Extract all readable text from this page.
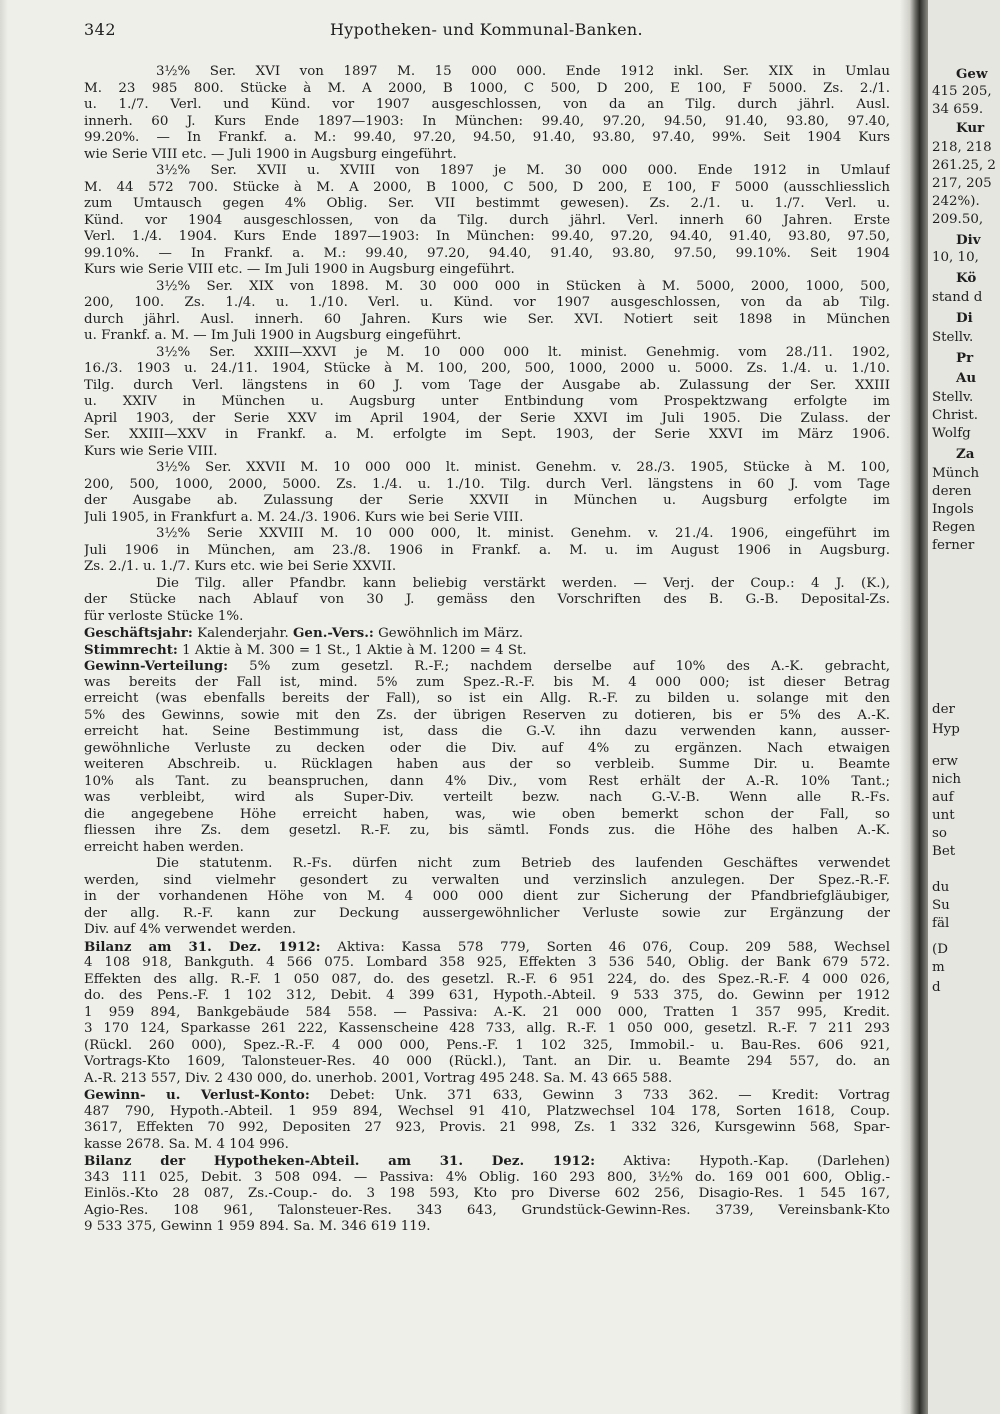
342	Hypotheken- und Kommunal-Banken.
3½% Ser. XVI von 1897 M. 15 000 000. Ende 1912 inkl. Ser. XIX in Umlau
M. 23 985 800. Stücke à M. A 2000, B 1000, C 500, D 200, E 100, F 5000. Zs. 2./1.
u. 1./7. Verl. und Künd. vor 1907 ausgeschlossen, von da an Tilg. durch jährl. Ausl.
innerh. 60 J. Kurs Ende 1897—1903: In München: 99.40, 97.20, 94.50, 91.40, 93.80, 97.40,
99.20%. — In Frankf. a. M.: 99.40, 97.20, 94.50, 91.40, 93.80, 97.40, 99%. Seit 1904 Kurs
wie Serie VIII etc. — Juli 1900 in Augsburg eingeführt.
3½% Ser. XVII u. XVIII von 1897 je M. 30 000 000. Ende 1912 in Umlauf
M. 44 572 700. Stücke à M. A 2000, B 1000, C 500, D 200, E 100, F 5000 (ausschliesslich
zum Umtausch gegen 4% Oblig. Ser. VII bestimmt gewesen). Zs. 2./1. u. 1./7. Verl. u.
Künd. vor 1904 ausgeschlossen, von da Tilg. durch jährl. Verl. innerh 60 Jahren. Erste
Verl. 1./4. 1904. Kurs Ende 1897—1903: In München: 99.40, 97.20, 94.40, 91.40, 93.80, 97.50,
99.10%. — In Frankf. a. M.: 99.40, 97.20, 94.40, 91.40, 93.80, 97.50, 99.10%. Seit 1904
Kurs wie Serie VIII etc. — Im Juli 1900 in Augsburg eingeführt.
3½% Ser. XIX von 1898. M. 30 000 000 in Stücken à M. 5000, 2000, 1000, 500,
200, 100. Zs. 1./4. u. 1./10. Verl. u. Künd. vor 1907 ausgeschlossen, von da ab Tilg.
durch jährl. Ausl. innerh. 60 Jahren. Kurs wie Ser. XVI. Notiert seit 1898 in München
u. Frankf. a. M. — Im Juli 1900 in Augsburg eingeführt.
3½% Ser. XXIII—XXVI je M. 10 000 000 lt. minist. Genehmig. vom 28./11. 1902,
16./3. 1903 u. 24./11. 1904, Stücke à M. 100, 200, 500, 1000, 2000 u. 5000. Zs. 1./4. u. 1./10.
Tilg. durch Verl. längstens in 60 J. vom Tage der Ausgabe ab. Zulassung der Ser. XXIII
u. XXIV in München u. Augsburg unter Entbindung vom Prospektzwang erfolgte im
April 1903, der Serie XXV im April 1904, der Serie XXVI im Juli 1905. Die Zulass. der
Ser. XXIII—XXV in Frankf. a. M. erfolgte im Sept. 1903, der Serie XXVI im März 1906.
Kurs wie Serie VIII.
3½% Ser. XXVII M. 10 000 000 lt. minist. Genehm. v. 28./3. 1905, Stücke à M. 100,
200, 500, 1000, 2000, 5000. Zs. 1./4. u. 1./10. Tilg. durch Verl. längstens in 60 J. vom Tage
der Ausgabe ab. Zulassung der Serie XXVII in München u. Augsburg erfolgte im
Juli 1905, in Frankfurt a. M. 24./3. 1906. Kurs wie bei Serie VIII.
3½% Serie XXVIII M. 10 000 000, lt. minist. Genehm. v. 21./4. 1906, eingeführt im
Juli 1906 in München, am 23./8. 1906 in Frankf. a. M. u. im August 1906 in Augsburg.
Zs. 2./1. u. 1./7. Kurs etc. wie bei Serie XXVII.
Die Tilg. aller Pfandbr. kann beliebig verstärkt werden. — Verj. der Coup.: 4 J. (K.),
der Stücke nach Ablauf von 30 J. gemäss den Vorschriften des B. G.-B. Deposital-Zs.
für verloste Stücke 1%.
Geschäftsjahr: Kalenderjahr. Gen.-Vers.: Gewöhnlich im März.
Stimmrecht: 1 Aktie à M. 300 = 1 St., 1 Aktie à M. 1200 = 4 St.
Gewinn-Verteilung: 5% zum gesetzl. R.-F.; nachdem derselbe auf 10% des A.-K. gebracht,
was bereits der Fall ist, mind. 5% zum Spez.-R.-F. bis M. 4 000 000; ist dieser Betrag
erreicht (was ebenfalls bereits der Fall), so ist ein Allg. R.-F. zu bilden u. solange mit den
5% des Gewinns, sowie mit den Zs. der übrigen Reserven zu dotieren, bis er 5% des A.-K.
erreicht hat. Seine Bestimmung ist, dass die G.-V. ihn dazu verwenden kann, ausser-
gewöhnliche Verluste zu decken oder die Div. auf 4% zu ergänzen. Nach etwaigen
weiteren Abschreib. u. Rücklagen haben aus der so verbleib. Summe Dir. u. Beamte
10% als Tant. zu beanspruchen, dann 4% Div., vom Rest erhält der A.-R. 10% Tant.;
was verbleibt, wird als Super-Div. verteilt bezw. nach G.-V.-B. Wenn alle R.-Fs.
die angegebene Höhe erreicht haben, was, wie oben bemerkt schon der Fall, so
fliessen ihre Zs. dem gesetzl. R.-F. zu, bis sämtl. Fonds zus. die Höhe des halben A.-K.
erreicht haben werden.
Die statutenm. R.-Fs. dürfen nicht zum Betrieb des laufenden Geschäftes verwendet
werden, sind vielmehr gesondert zu verwalten und verzinslich anzulegen. Der Spez.-R.-F.
in der vorhandenen Höhe von M. 4 000 000 dient zur Sicherung der Pfandbriefgläubiger,
der allg. R.-F. kann zur Deckung aussergewöhnlicher Verluste sowie zur Ergänzung der
Div. auf 4% verwendet werden.
Bilanz am 31. Dez. 1912: Aktiva: Kassa 578 779, Sorten 46 076, Coup. 209 588, Wechsel
4 108 918, Bankguth. 4 566 075. Lombard 358 925, Effekten 3 536 540, Oblig. der Bank 679 572.
Effekten des allg. R.-F. 1 050 087, do. des gesetzl. R.-F. 6 951 224, do. des Spez.-R.-F. 4 000 026,
do. des Pens.-F. 1 102 312, Debit. 4 399 631, Hypoth.-Abteil. 9 533 375, do. Gewinn per 1912
1 959 894, Bankgebäude 584 558. — Passiva: A.-K. 21 000 000, Tratten 1 357 995, Kredit.
3 170 124, Sparkasse 261 222, Kassenscheine 428 733, allg. R.-F. 1 050 000, gesetzl. R.-F. 7 211 293
(Rückl. 260 000), Spez.-R.-F. 4 000 000, Pens.-F. 1 102 325, Immobil.- u. Bau-Res. 606 921,
Vortrags-Kto 1609, Talonsteuer-Res. 40 000 (Rückl.), Tant. an Dir. u. Beamte 294 557, do. an
A.-R. 213 557, Div. 2 430 000, do. unerhob. 2001, Vortrag 495 248. Sa. M. 43 665 588.
Gewinn- u. Verlust-Konto: Debet: Unk. 371 633, Gewinn 3 733 362. — Kredit: Vortrag
487 790, Hypoth.-Abteil. 1 959 894, Wechsel 91 410, Platzwechsel 104 178, Sorten 1618, Coup.
3617, Effekten 70 992, Depositen 27 923, Provis. 21 998, Zs. 1 332 326, Kursgewinn 568, Spar-
kasse 2678. Sa. M. 4 104 996.
Bilanz der Hypotheken-Abteil. am 31. Dez. 1912: Aktiva: Hypoth.-Kap. (Darlehen)
343 111 025, Debit. 3 508 094. — Passiva: 4% Oblig. 160 293 800, 3½% do. 169 001 600, Oblig.-
Einlös.-Kto 28 087, Zs.-Coup.- do. 3 198 593, Kto pro Diverse 602 256, Disagio-Res. 1 545 167,
Agio-Res. 108 961, Talonsteuer-Res. 343 643, Grundstück-Gewinn-Res. 3739, Vereinsbank-Kto
9 533 375, Gewinn 1 959 894. Sa. M. 346 619 119.
Gew
415 205,
34 659.
Kur
218, 218
261.25, 2
217, 205
242%).
209.50,
Div
10, 10,
Kö
stand d
Di
Stellv.
Pr
Au
Stellv.
Christ.
Wolfg
Za
Münch
deren
Ingols
Regen
ferner
der
Hyp
erw
nich
auf
unt
so
Bet
du
Su
fäl
(D
m
d
